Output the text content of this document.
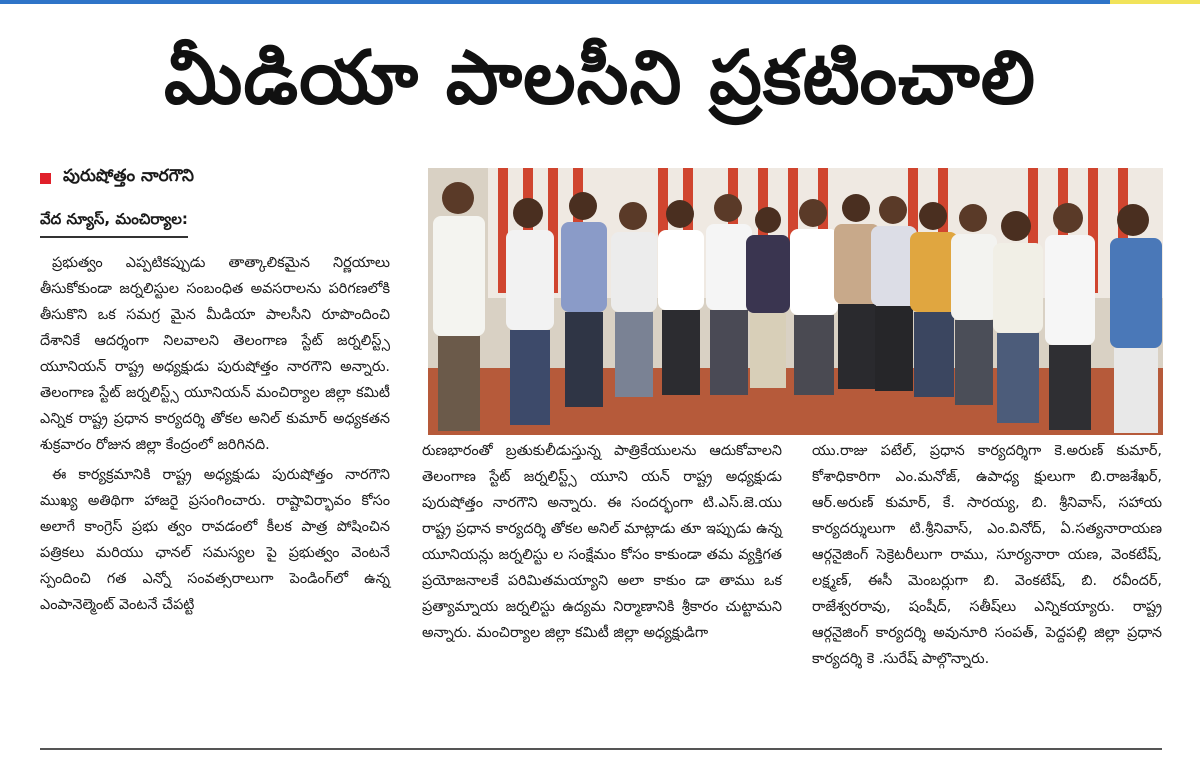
మీడియా పాలసీని ప్రకటించాలి
పురుషోత్తం నారగౌని
వేద న్యూస్, మంచిర్యాల:

ప్రభుత్వం ఎప్పటికప్పుడు తాత్కాలికమైన నిర్ణయాలు తీసుకోకుండా జర్నలిస్టుల సంబంధిత అవసరాలను పరిగణలోకి తీసుకొని ఒక సమగ్ర మైన మీడియా పాలసీని రూపొందించి దేశానికే ఆదర్శంగా నిలవాలని తెలంగాణ స్టేట్ జర్నలిస్ట్స్ యూనియన్ రాష్ట్ర అధ్యక్షుడు పురుషోత్తం నారగౌని అన్నారు. తెలంగాణ స్టేట్ జర్నలిస్ట్స్ యూనియన్ మంచిర్యాల జిల్లా కమిటీ ఎన్నిక రాష్ట్ర ప్రధాన కార్యదర్శి తోకల అనిల్ కుమార్ అధ్యకతన శుక్రవారం రోజున జిల్లా కేంద్రంలో జరిగినది.

ఈ కార్యక్రమానికి రాష్ట్ర అధ్యక్షుడు పురుషోత్తం నారగౌని ముఖ్య అతిథిగా హాజరై ప్రసంగించారు. రాష్టావిర్భావం కోసం అలాగే కాంగ్రెస్ ప్రభు త్వం రావడంలో కీలక పాత్ర పోషించిన పత్రికలు మరియు ఛానల్ సమస్యల పై ప్రభుత్వం వెంటనే స్పందించి గత ఎన్నో సంవత్సరాలుగా పెండింగ్‌లో ఉన్న ఎంపానెల్మెంట్ వెంటనే చేపట్టి

రుణభారంతో బ్రతుకులీడుస్తున్న పాత్రికేయులను ఆదుకోవాలని తెలంగాణ స్టేట్ జర్నలిస్ట్స్ యూని యన్ రాష్ట్ర అధ్యక్షుడు పురుషోత్తం నారగౌని అన్నారు. ఈ సందర్భంగా టి.ఎస్.జె.యు రాష్ట్ర ప్రధాన కార్యదర్శి తోకల అనిల్ మాట్లాడు తూ ఇప్పుడు ఉన్న యూనియన్లు జర్నలిస్టు ల సంక్షేమం కోసం కాకుండా తమ వ్యక్తిగత ప్రయోజనాలకే పరిమితమయ్యాని అలా కాకుం డా తాము ఒక ప్రత్యామ్నాయ జర్నలిస్టు ఉద్యమ నిర్మాణానికి శ్రీకారం చుట్టామని అన్నారు. మంచిర్యాల జిల్లా కమిటీ జిల్లా అధ్యక్షుడిగా

యు.రాజు పటేల్, ప్రధాన కార్యదర్శిగా కె.అరుణ్ కుమార్, కోశాధికారిగా ఎం.మనోజ్, ఉపాధ్య క్షులుగా బి.రాజశేఖర్, ఆర్.అరుణ్ కుమార్, కే. సారయ్య, బి. శ్రీనివాస్, సహాయ కార్యదర్శులుగా టి.శ్రీనివాస్, ఎం.వినోద్, ఏ.సత్యనారాయణ ఆర్గనైజింగ్ సెక్రెటరీలుగా రాము, సూర్యనారా యణ, వెంకటేష్, లక్ష్మణ్, ఈసీ మెంబర్లుగా బి. వెంకటేష్, బి. రవీందర్, రాజేశ్వరరావు, షంషీద్, సతీష్‌లు ఎన్నికయ్యారు. రాష్ట్ర ఆర్గనైజింగ్ కార్యదర్శి అవునూరి సంపత్, పెద్దపల్లి జిల్లా ప్రధాన కార్యదర్శి కె .సురేష్ పాల్గొన్నారు.
